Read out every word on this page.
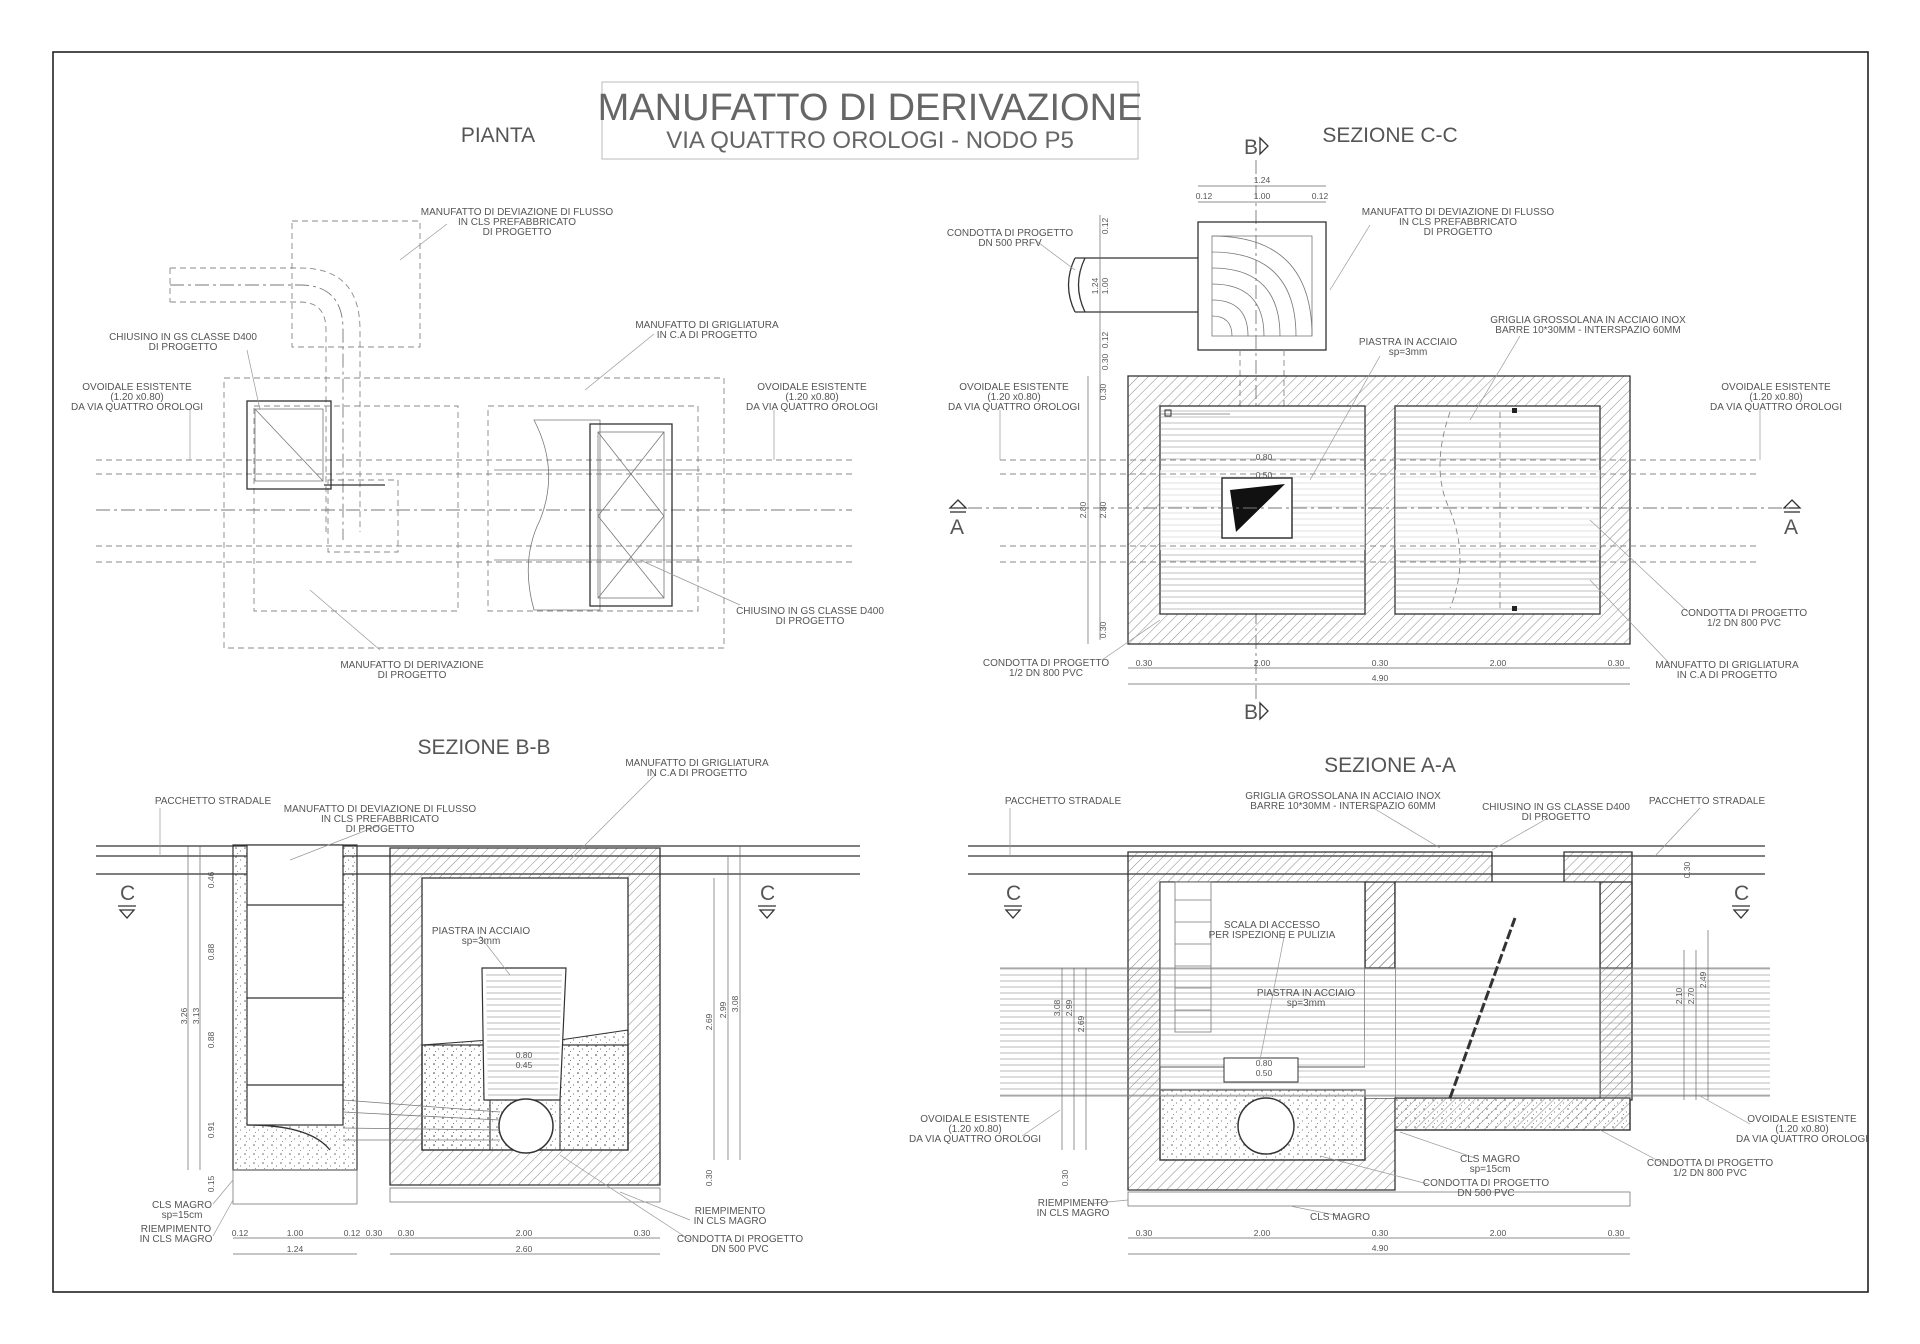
MANUFATTO DI DERIVAZIONE
VIA QUATTRO OROLOGI - NODO P5
PIANTA
MANUFATTO DI DEVIAZIONE DI FLUSSO
IN CLS PREFABBRICATO
DI PROGETTO
CHIUSINO IN GS CLASSE D400
DI PROGETTO
MANUFATTO DI GRIGLIATURA
IN C.A DI PROGETTO
OVOIDALE ESISTENTE
(1.20 x0.80)
DA VIA QUATTRO OROLOGI
OVOIDALE ESISTENTE
(1.20 x0.80)
DA VIA QUATTRO OROLOGI
CHIUSINO IN GS CLASSE D400
DI PROGETTO
MANUFATTO DI DERIVAZIONE
DI PROGETTO
SEZIONE C-C
B
B
A	A
1.24
0.12	1.00	0.12
0.12
1.24 1.00
0.12
0.30
2.80 2.80
0.30
0.30
0.80
0.50
0.30	2.00	0.30	2.00	0.30
4.90
CONDOTTA DI PROGETTO
DN 500 PRFV
MANUFATTO DI DEVIAZIONE DI FLUSSO
IN CLS PREFABBRICATO
DI PROGETTO
GRIGLIA GROSSOLANA IN ACCIAIO INOX
BARRE 10*30MM - INTERSPAZIO 60MM
PIASTRA IN ACCIAIO
sp=3mm
OVOIDALE ESISTENTE
(1.20 x0.80)
DA VIA QUATTRO OROLOGI
OVOIDALE ESISTENTE
(1.20 x0.80)
DA VIA QUATTRO OROLOGI
CONDOTTA DI PROGETTO
1/2 DN 800 PVC
CONDOTTA DI PROGETTO
1/2 DN 800 PVC
MANUFATTO DI GRIGLIATURA
IN C.A DI PROGETTO
SEZIONE B-B
C	C
0.46
0.88
0.88
0.91
0.15
3.26 3.13	2.69
2.99 3.08
0.30
0.80
0.45
0.12	1.00	0.12
1.24
0.30 0.30	2.00	0.30
2.60
PACCHETTO STRADALE
MANUFATTO DI DEVIAZIONE DI FLUSSO
IN CLS PREFABBRICATO
DI PROGETTO
MANUFATTO DI GRIGLIATURA
IN C.A DI PROGETTO
PIASTRA IN ACCIAIO
sp=3mm
CLS MAGRO
sp=15cm
RIEMPIMENTO
IN CLS MAGRO
RIEMPIMENTO
IN CLS MAGRO
CONDOTTA DI PROGETTO
DN 500 PVC
SEZIONE A-A
C	C
3.08 2.99
2.69
2.10 2.70
2.49
0.30
0.30
0.80
0.50
0.30	2.00	0.30	2.00	0.30
4.90
PACCHETTO STRADALE	PACCHETTO STRADALE
GRIGLIA GROSSOLANA IN ACCIAIO INOX
BARRE 10*30MM - INTERSPAZIO 60MM	CHIUSINO IN GS CLASSE D400
DI PROGETTO
SCALA DI ACCESSO
PER ISPEZIONE E PULIZIA
PIASTRA IN ACCIAIO
sp=3mm
OVOIDALE ESISTENTE
(1.20 x0.80)
DA VIA QUATTRO OROLOGI
OVOIDALE ESISTENTE
(1.20 x0.80)
DA VIA QUATTRO OROLOGI
CLS MAGRO
sp=15cm
CONDOTTA DI PROGETTO
1/2 DN 800 PVC
CONDOTTA DI PROGETTO
DN 500 PVC
RIEMPIMENTO
IN CLS MAGRO	CLS MAGRO
